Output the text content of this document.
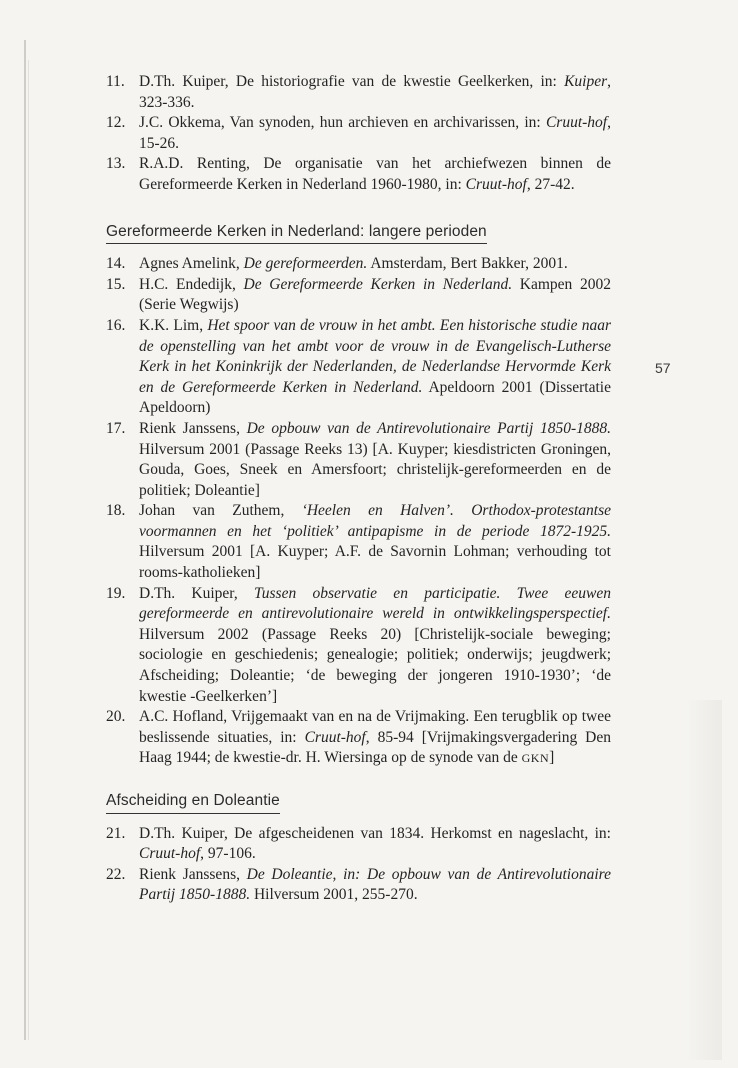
11. D.Th. Kuiper, De historiografie van de kwestie Geelkerken, in: Kuiper, 323-336.
12. J.C. Okkema, Van synoden, hun archieven en archivarissen, in: Cruut-hof, 15-26.
13. R.A.D. Renting, De organisatie van het archiefwezen binnen de Gereformeerde Kerken in Nederland 1960-1980, in: Cruut-hof, 27-42.
Gereformeerde Kerken in Nederland: langere perioden
14. Agnes Amelink, De gereformeerden. Amsterdam, Bert Bakker, 2001.
15. H.C. Endedijk, De Gereformeerde Kerken in Nederland. Kampen 2002 (Serie Wegwijs)
16. K.K. Lim, Het spoor van de vrouw in het ambt. Een historische studie naar de openstelling van het ambt voor de vrouw in de Evangelisch-Lutherse Kerk in het Koninkrijk der Nederlanden, de Nederlandse Hervormde Kerk en de Gereformeerde Kerken in Nederland. Apeldoorn 2001 (Dissertatie Apeldoorn)
17. Rienk Janssens, De opbouw van de Antirevolutionaire Partij 1850-1888. Hilversum 2001 (Passage Reeks 13) [A. Kuyper; kiesdistricten Groningen, Gouda, Goes, Sneek en Amersfoort; christelijk-gereformeerden en de politiek; Doleantie]
18. Johan van Zuthem, ‘Heelen en Halven’. Orthodox-protestantse voormannen en het ‘politiek’ antipapisme in de periode 1872-1925. Hilversum 2001 [A. Kuyper; A.F. de Savornin Lohman; verhouding tot rooms-katholieken]
19. D.Th. Kuiper, Tussen observatie en participatie. Twee eeuwen gereformeerde en antirevolutionaire wereld in ontwikkelingsperspectief. Hilversum 2002 (Passage Reeks 20) [Christelijk-sociale beweging; sociologie en geschiedenis; genealogie; politiek; onderwijs; jeugdwerk; Afscheiding; Doleantie; ‘de beweging der jongeren 1910-1930’; ‘de kwestie -Geelkerken’]
20. A.C. Hofland, Vrijgemaakt van en na de Vrijmaking. Een terugblik op twee beslissende situaties, in: Cruut-hof, 85-94 [Vrijmakingsvergadering Den Haag 1944; de kwestie-dr. H. Wiersinga op de synode van de GKN]
Afscheiding en Doleantie
21. D.Th. Kuiper, De afgescheidenen van 1834. Herkomst en nageslacht, in: Cruut-hof, 97-106.
22. Rienk Janssens, De Doleantie, in: De opbouw van de Antirevolutionaire Partij 1850-1888. Hilversum 2001, 255-270.
57
